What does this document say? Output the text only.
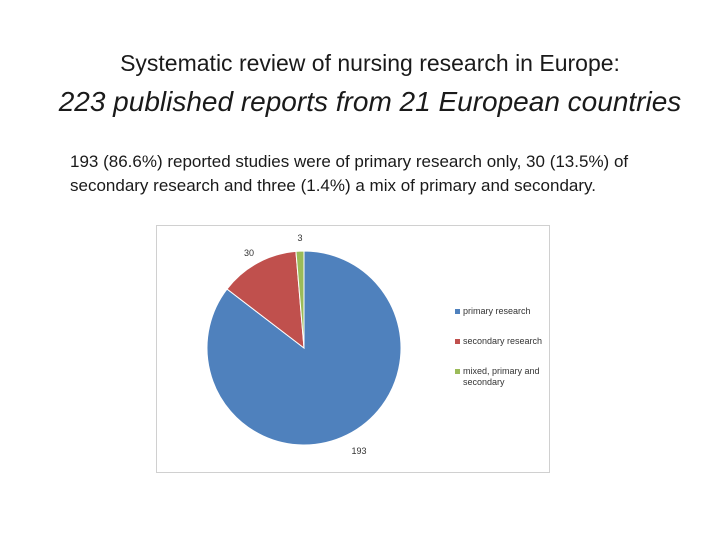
Systematic review of nursing research in Europe:
223 published reports from 21 European countries
193 (86.6%) reported studies were of primary research only, 30 (13.5%) of secondary research and three (1.4%) a mix of primary and secondary.
193
30
3
primary research
secondary research
mixed, primary and secondary
